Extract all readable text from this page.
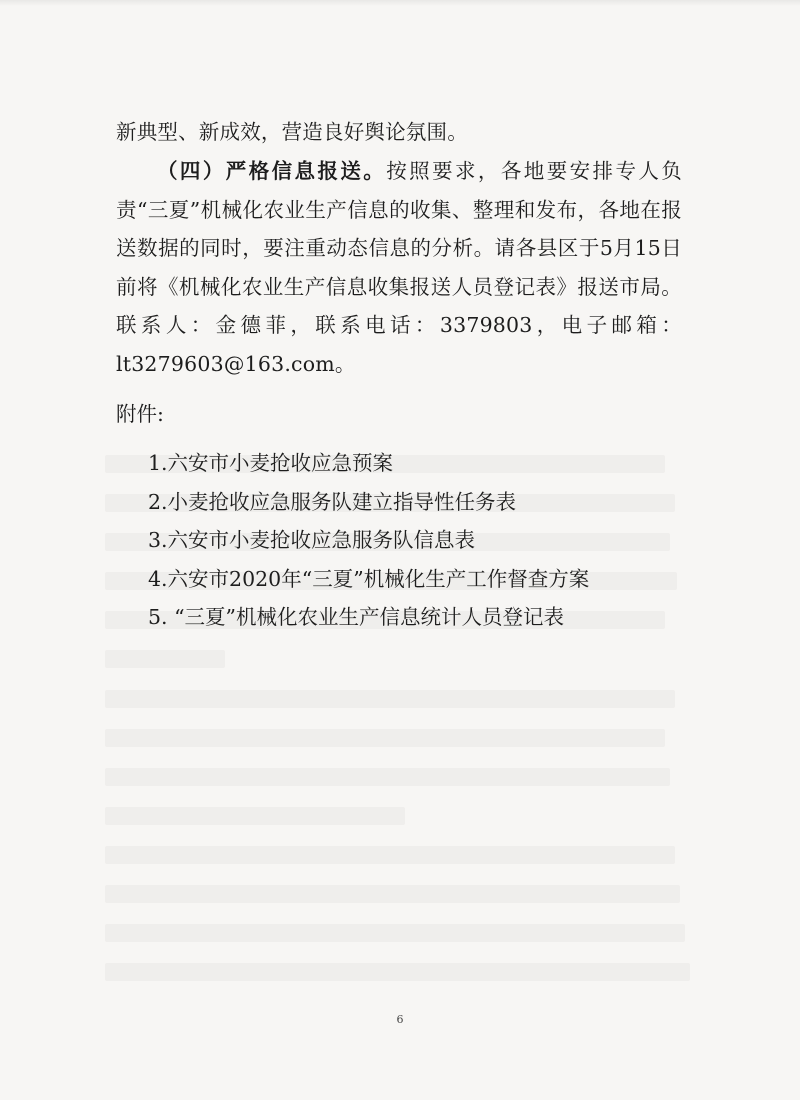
新典型、新成效，营造良好舆论氛围。

（四）严格信息报送。按照要求，各地要安排专人负责“三夏”机械化农业生产信息的收集、整理和发布，各地在报送数据的同时，要注重动态信息的分析。请各县区于5月15日前将《机械化农业生产信息收集报送人员登记表》报送市局。联系人：金德菲，联系电话：3379803，电子邮箱：lt3279603@163.com。

附件:

1.六安市小麦抢收应急预案
2.小麦抢收应急服务队建立指导性任务表
3.六安市小麦抢收应急服务队信息表
4.六安市2020年“三夏”机械化生产工作督查方案
5. “三夏”机械化农业生产信息统计人员登记表
6
